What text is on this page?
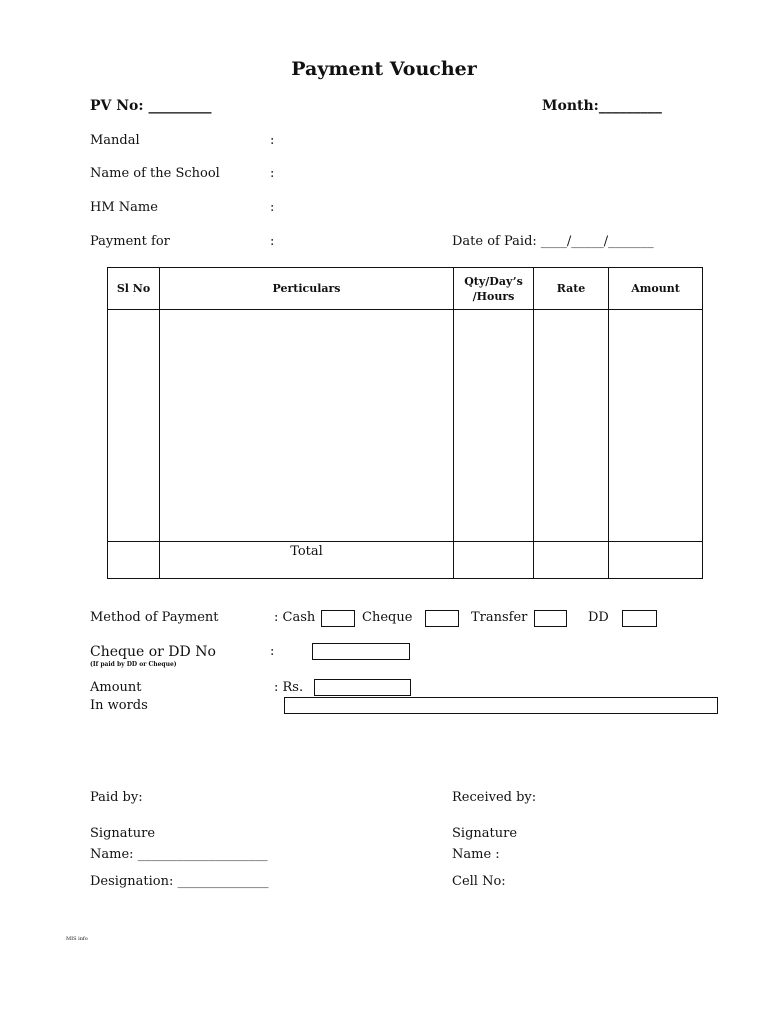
Payment Voucher
PV No: _________	Month:_________
Mandal	:
Name of the School	:
HM Name	:
Payment for	:	Date of Paid: ____/_____/_______
Sl No	Perticulars	Qty/Day’s /Hours	Rate	Amount

	Total			
Method of Payment	: Cash	Cheque	Transfer	DD
Cheque or DD No
(If paid by DD or Cheque)
:
Amount	: Rs.
In words
Paid by:
Signature
Name: ____________________
Designation: ______________
Received by:
Signature
Name :
Cell No:
MIS info
